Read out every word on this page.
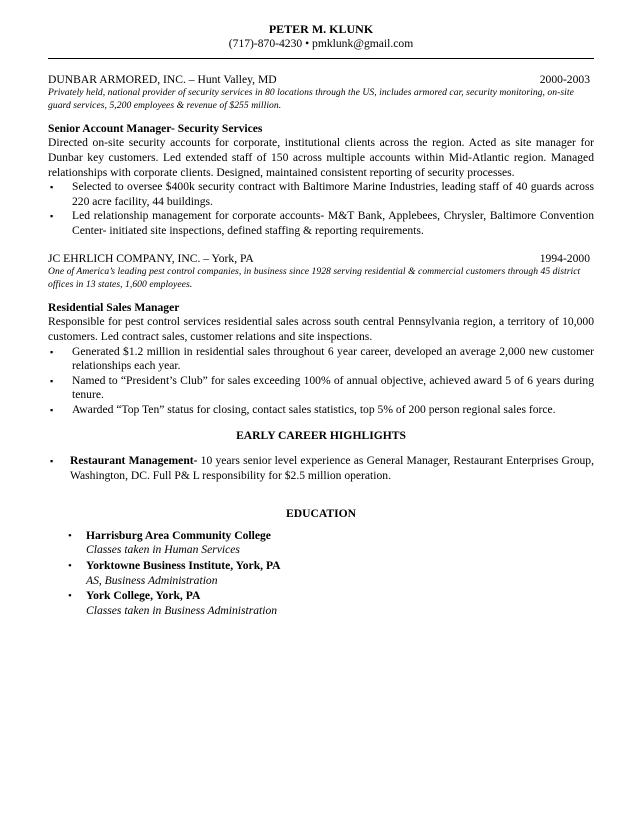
PETER M. KLUNK
(717)-870-4230 • pmklunk@gmail.com
DUNBAR ARMORED, INC. – Hunt Valley, MD	2000-2003
Privately held, national provider of security services in 80 locations through the US, includes armored car, security monitoring, on-site guard services, 5,200 employees & revenue of $255 million.
Senior Account Manager- Security Services
Directed on-site security accounts for corporate, institutional clients across the region. Acted as site manager for Dunbar key customers. Led extended staff of 150 across multiple accounts within Mid-Atlantic region. Managed relationships with corporate clients. Designed, maintained consistent reporting of security processes.
▪ Selected to oversee $400k security contract with Baltimore Marine Industries, leading staff of 40 guards across 220 acre facility, 44 buildings.
▪ Led relationship management for corporate accounts- M&T Bank, Applebees, Chrysler, Baltimore Convention Center- initiated site inspections, defined staffing & reporting requirements.
JC EHRLICH COMPANY, INC. – York, PA	1994-2000
One of America’s leading pest control companies, in business since 1928 serving residential & commercial customers through 45 district offices in 13 states, 1,600 employees.
Residential Sales Manager
Responsible for pest control services residential sales across south central Pennsylvania region, a territory of 10,000 customers. Led contract sales, customer relations and site inspections.
▪ Generated $1.2 million in residential sales throughout 6 year career, developed an average 2,000 new customer relationships each year.
▪ Named to “President’s Club” for sales exceeding 100% of annual objective, achieved award 5 of 6 years during tenure.
▪ Awarded “Top Ten” status for closing, contact sales statistics, top 5% of 200 person regional sales force.
EARLY CAREER HIGHLIGHTS
▪ Restaurant Management- 10 years senior level experience as General Manager, Restaurant Enterprises Group, Washington, DC. Full P& L responsibility for $2.5 million operation.
EDUCATION
• Harrisburg Area Community College
Classes taken in Human Services
• Yorktowne Business Institute, York, PA
AS, Business Administration
• York College, York, PA
Classes taken in Business Administration
